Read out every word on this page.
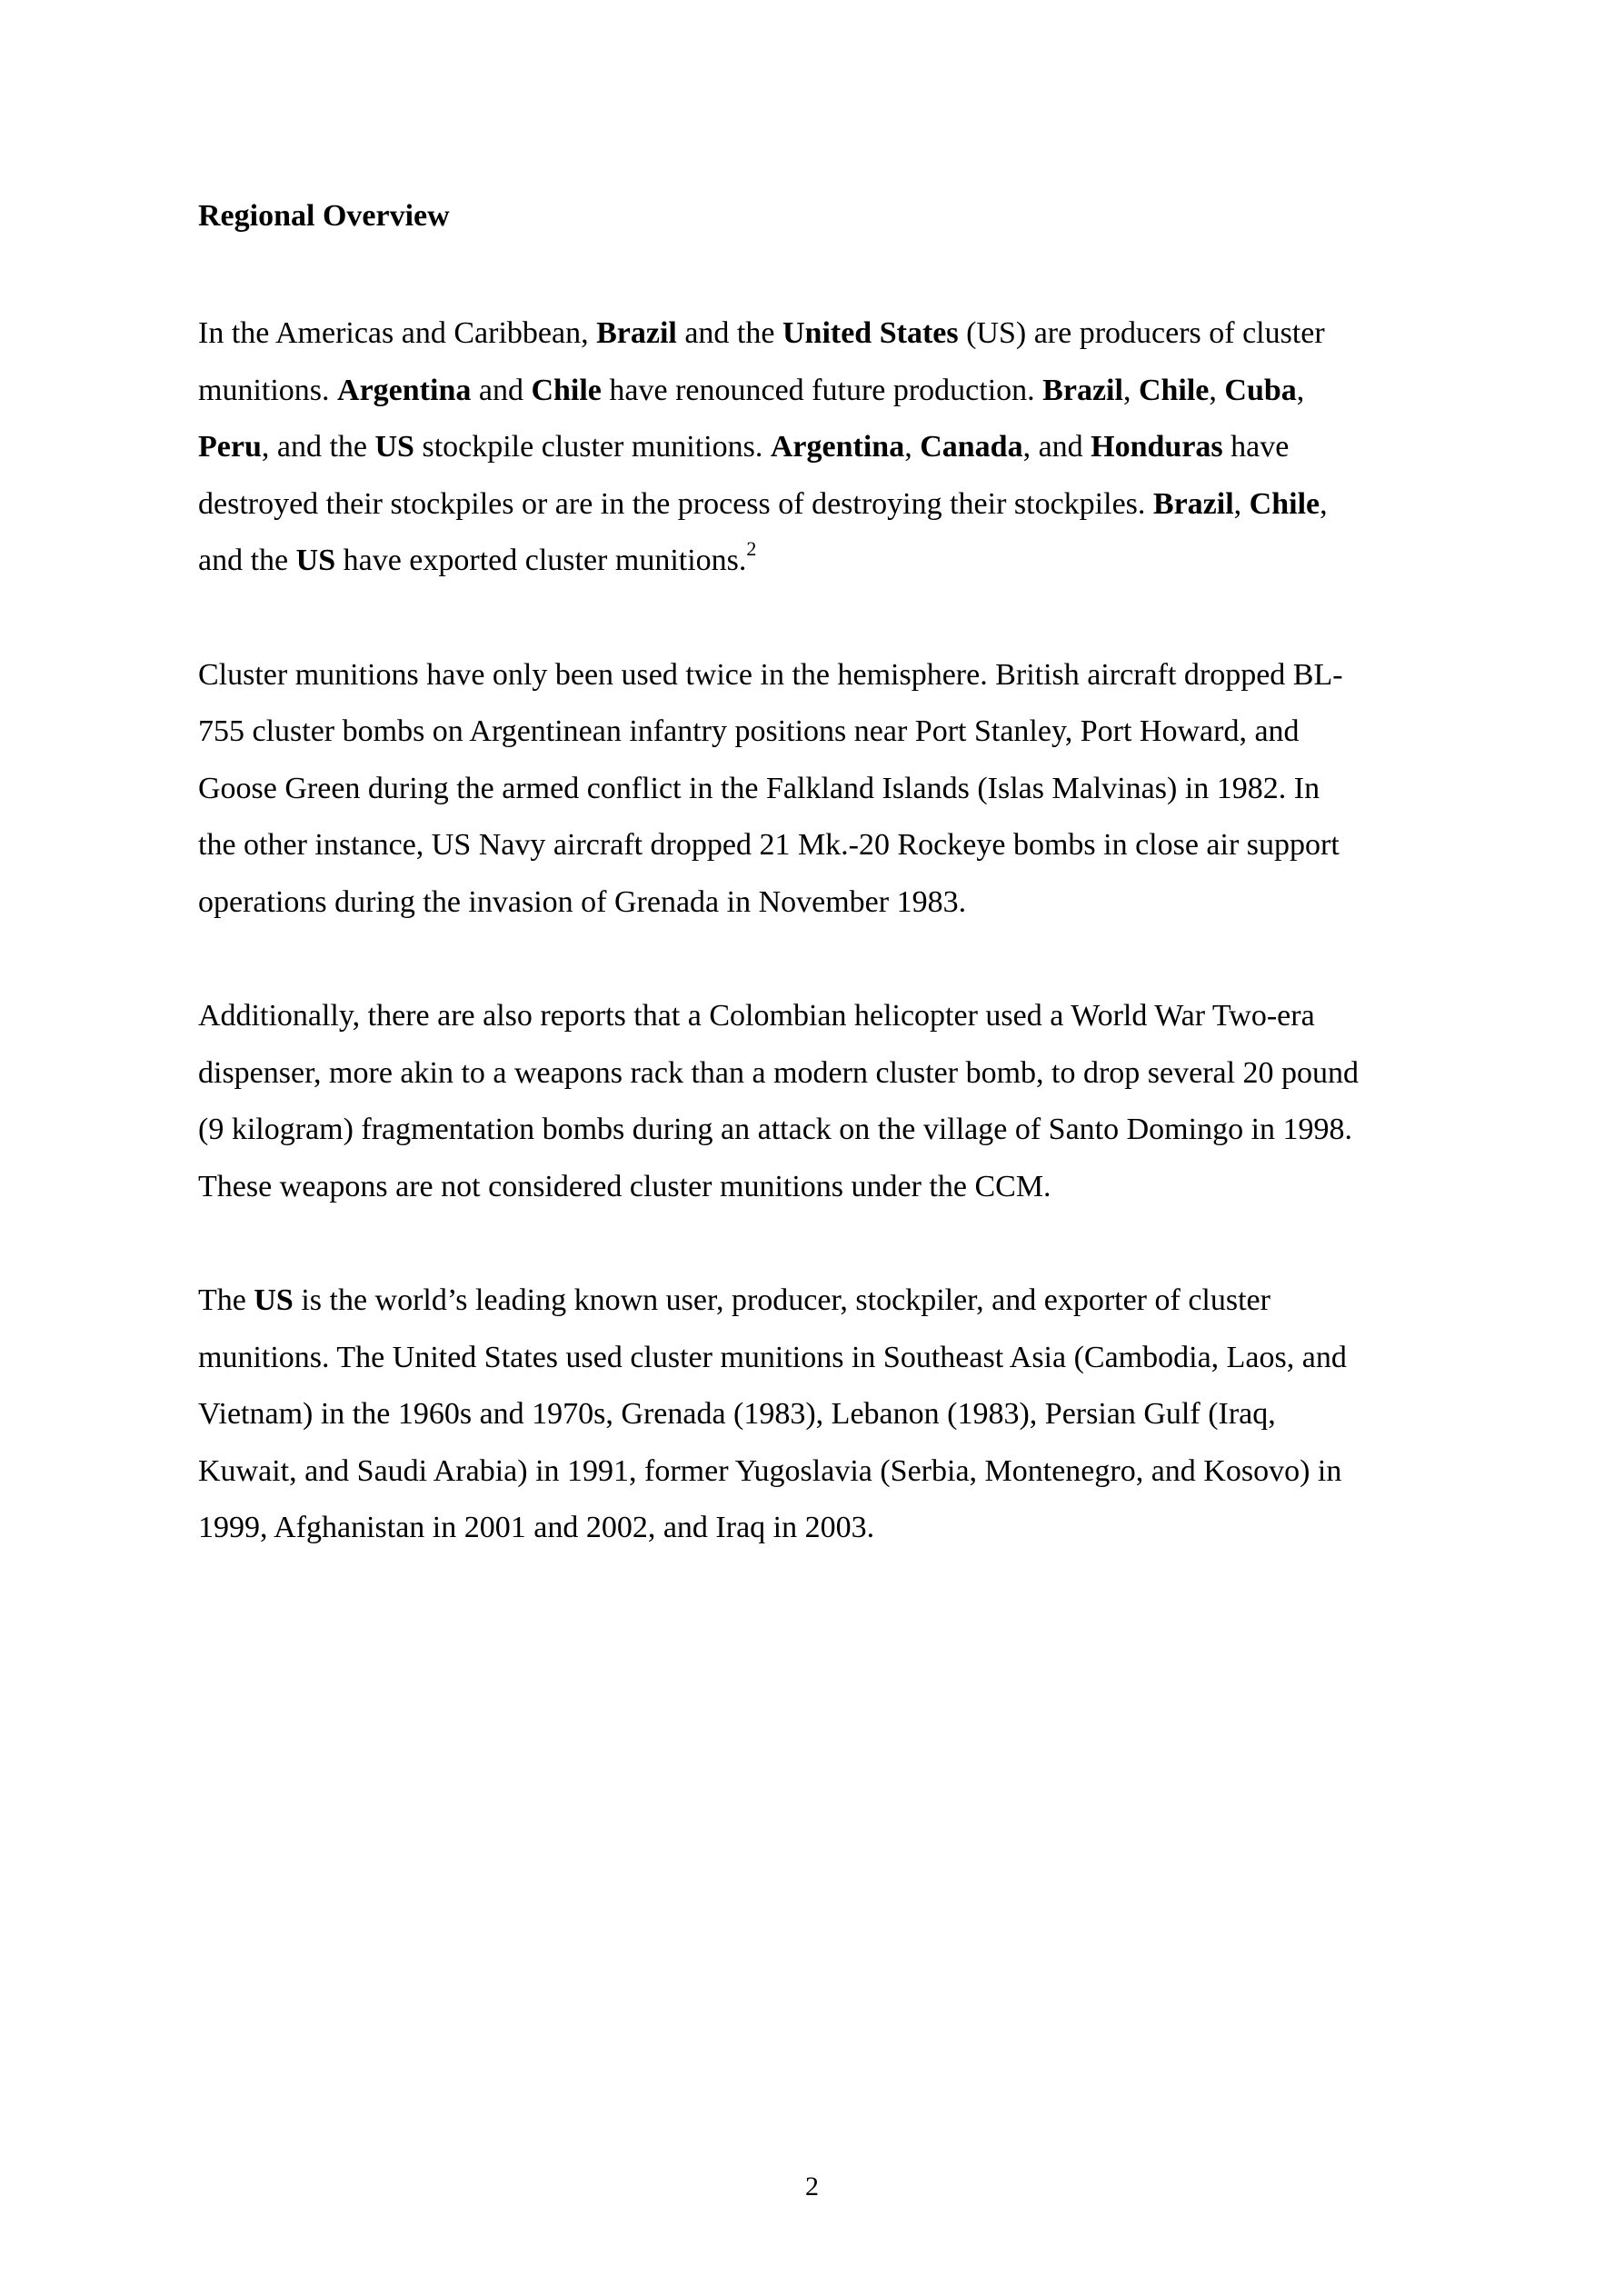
Regional Overview
In the Americas and Caribbean, Brazil and the United States (US) are producers of cluster
munitions. Argentina and Chile have renounced future production. Brazil, Chile, Cuba,
Peru, and the US stockpile cluster munitions. Argentina, Canada, and Honduras have
destroyed their stockpiles or are in the process of destroying their stockpiles. Brazil, Chile,
and the US have exported cluster munitions.$^2$
Cluster munitions have only been used twice in the hemisphere. British aircraft dropped BL-
755 cluster bombs on Argentinean infantry positions near Port Stanley, Port Howard, and
Goose Green during the armed conflict in the Falkland Islands (Islas Malvinas) in 1982. In
the other instance, US Navy aircraft dropped 21 Mk.-20 Rockeye bombs in close air support
operations during the invasion of Grenada in November 1983.
Additionally, there are also reports that a Colombian helicopter used a World War Two-era
dispenser, more akin to a weapons rack than a modern cluster bomb, to drop several 20 pound
(9 kilogram) fragmentation bombs during an attack on the village of Santo Domingo in 1998.
These weapons are not considered cluster munitions under the CCM.
The US is the world’s leading known user, producer, stockpiler, and exporter of cluster
munitions. The United States used cluster munitions in Southeast Asia (Cambodia, Laos, and
Vietnam) in the 1960s and 1970s, Grenada (1983), Lebanon (1983), Persian Gulf (Iraq,
Kuwait, and Saudi Arabia) in 1991, former Yugoslavia (Serbia, Montenegro, and Kosovo) in
1999, Afghanistan in 2001 and 2002, and Iraq in 2003.
2
